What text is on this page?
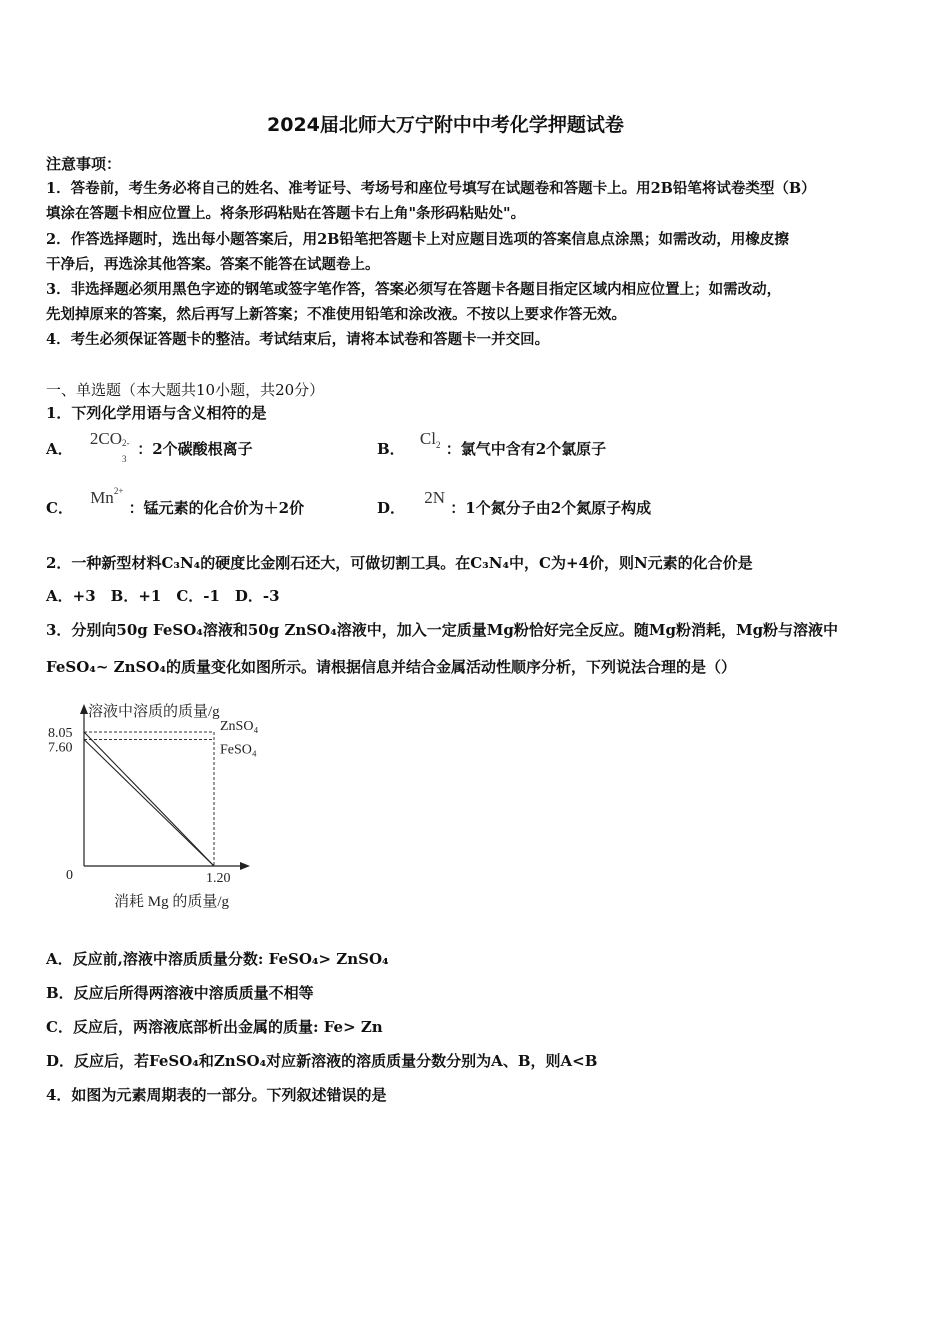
2024届北师大万宁附中中考化学押题试卷
注意事项：
1．答卷前，考生务必将自己的姓名、准考证号、考场号和座位号填写在试题卷和答题卡上。用2B铅笔将试卷类型（B）
填涂在答题卡相应位置上。将条形码粘贴在答题卡右上角"条形码粘贴处"。
2．作答选择题时，选出每小题答案后，用2B铅笔把答题卡上对应题目选项的答案信息点涂黑；如需改动，用橡皮擦
干净后，再选涂其他答案。答案不能答在试题卷上。
3．非选择题必须用黑色字迹的钢笔或签字笔作答，答案必须写在答题卡各题目指定区域内相应位置上；如需改动，
先划掉原来的答案，然后再写上新答案；不准使用铅笔和涂改液。不按以上要求作答无效。
4．考生必须保证答题卡的整洁。考试结束后，请将本试卷和答题卡一并交回。
一、单选题（本大题共10小题，共20分）
1．下列化学用语与含义相符的是
A． 2CO 2-
3
：2个碳酸根离子	B． $Cl_2$ ：氯气中含有2个氯原子
C． $Mn^{2+}$ ：锰元素的化合价为＋2价	D． 2N ：1个氮分子由2个氮原子构成
2．一种新型材料C₃N₄的硬度比金刚石还大，可做切割工具。在C₃N₄中，C为+4价，则N元素的化合价是
A．+3　B．+1　C．-1　D．-3
3．分别向50g FeSO₄溶液和50g ZnSO₄溶液中，加入一定质量Mg粉恰好完全反应。随Mg粉消耗，Mg粉与溶液中
FeSO₄~ ZnSO₄的质量变化如图所示。请根据信息并结合金属活动性顺序分析，下列说法合理的是（）
8.05
7.60
0	1.20
ZnSO₄
FeSO₄
溶液中溶质的质量/g
消耗 Mg 的质量/g
A．反应前,溶液中溶质质量分数: FeSO₄> ZnSO₄
B．反应后所得两溶液中溶质质量不相等
C．反应后，两溶液底部析出金属的质量: Fe> Zn
D．反应后，若FeSO₄和ZnSO₄对应新溶液的溶质质量分数分别为A、B，则A<B
4．如图为元素周期表的一部分。下列叙述错误的是
